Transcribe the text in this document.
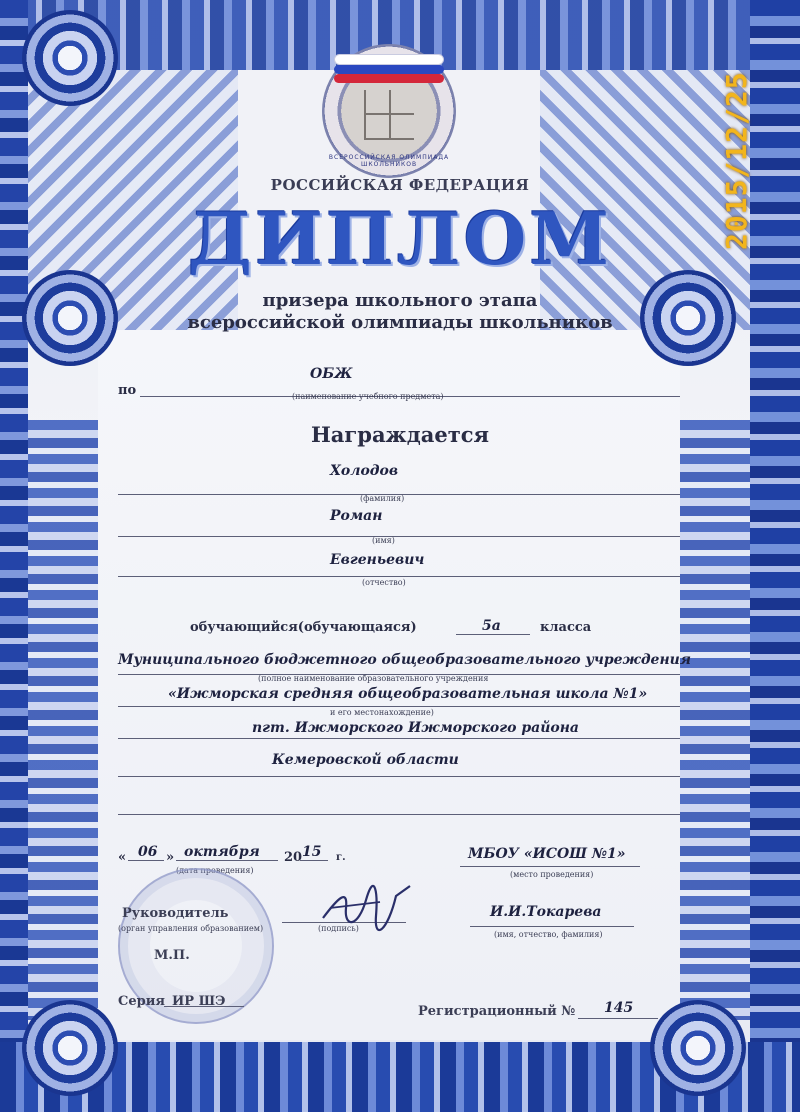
ВСЕРОССИЙСКАЯ ОЛИМПИАДА ШКОЛЬНИКОВ
РОССИЙСКАЯ ФЕДЕРАЦИЯ
ДИПЛОМ
призера школьного этапа
всероссийской олимпиады школьников
по
ОБЖ
(наименование учебного предмета)
Награждается
Холодов
(фамилия)
Роман
(имя)
Евгеньевич
(отчество)
обучающийся(обучающаяся)	5а	класса
Муниципального бюджетного общеобразовательного учреждения
(полное наименование образовательного учреждения
«Ижморская средняя общеобразовательная школа №1»
и его местонахождение)
пгт. Ижморского Ижморского района
Кемеровской области
« 06 » октября 20 15 г.
(дата проведения)
МБОУ «ИСОШ №1»
(место проведения)
Руководитель
(орган управления образованием)
М.П.
(подпись)
И.И.Токарева
(имя, отчество, фамилия)
Серия ИР ШЭ
Регистрационный № 145
2015/12/25
